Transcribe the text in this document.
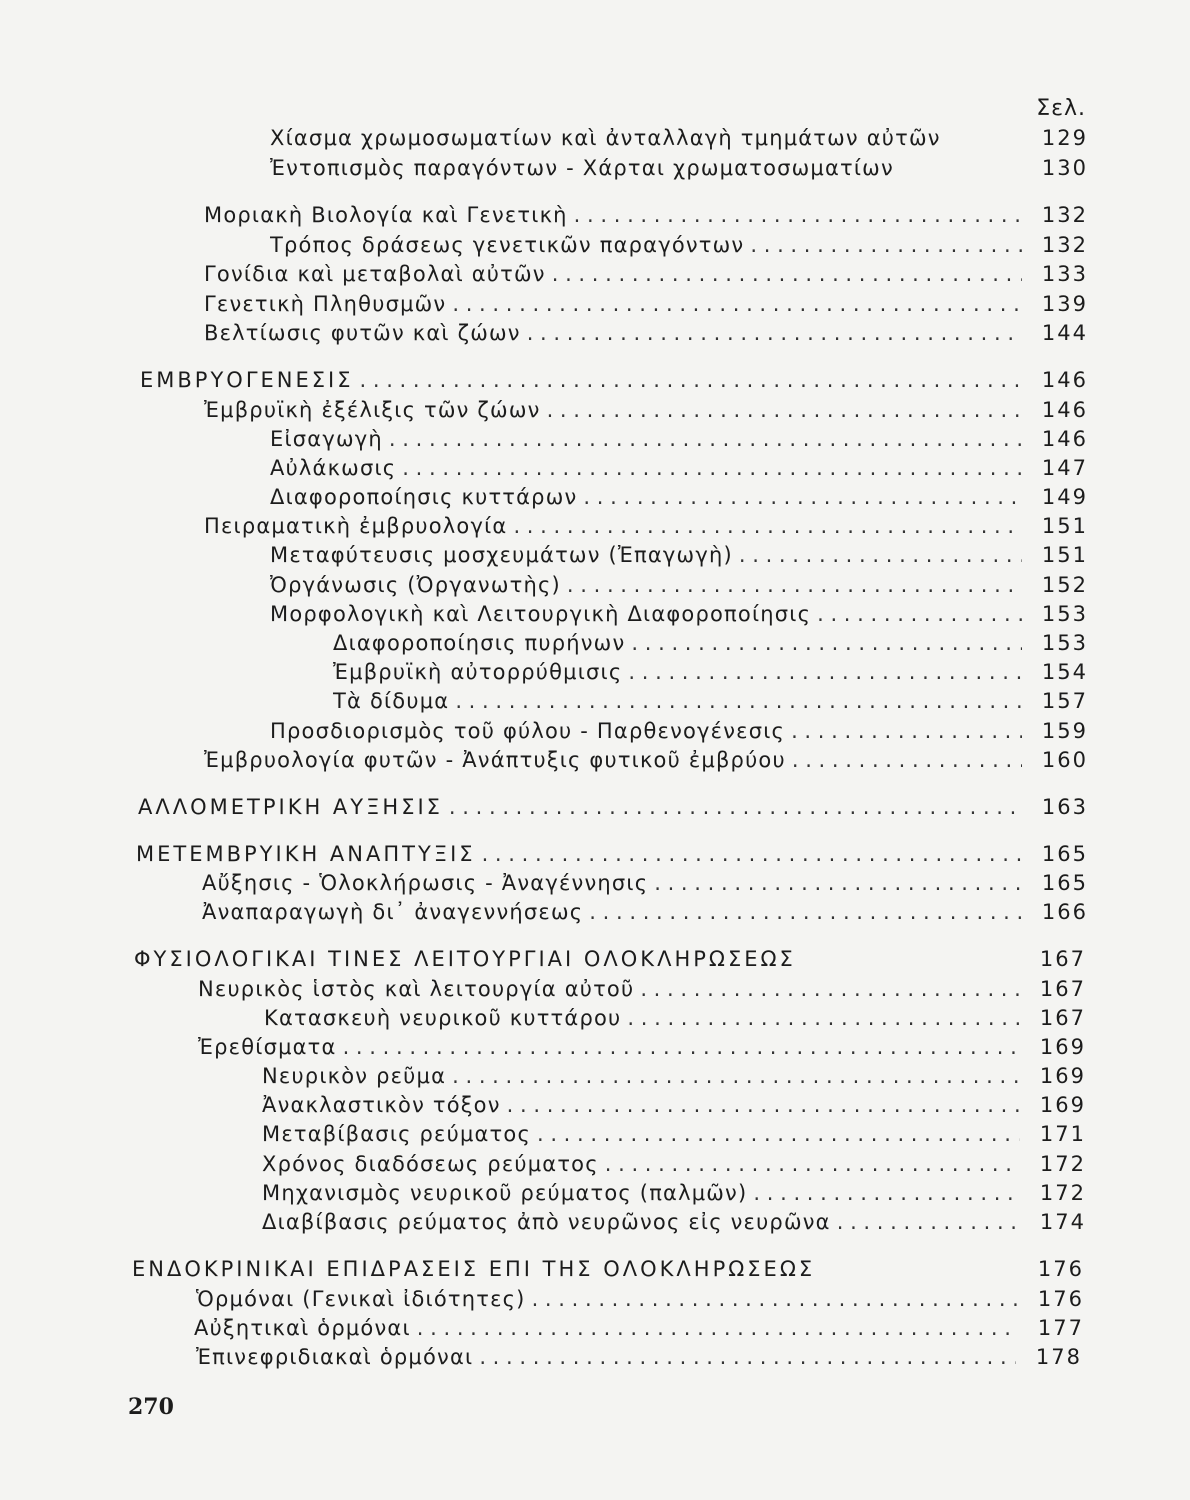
Σελ.
Χίασμα χρωμοσωματίων καὶ ἀνταλλαγὴ τμημάτων αὐτῶν	129
Ἐντοπισμὸς παραγόντων - Χάρται χρωματοσωματίων	130
Μοριακὴ Βιολογία καὶ Γενετικὴ . . .	132
Τρόπος δράσεως γενετικῶν παραγόντων . . .	132
Γονίδια καὶ μεταβολαὶ αὐτῶν . . .	133
Γενετικὴ Πληθυσμῶν . . .	139
Βελτίωσις φυτῶν καὶ ζώων . . .	144
ΕΜΒΡΥΟΓΕΝΕΣΙΣ . . .	146
Ἐμβρυϊκὴ ἐξέλιξις τῶν ζώων . . .	146
Εἰσαγωγὴ . . .	146
Αὐλάκωσις . . .	147
Διαφοροποίησις κυττάρων . . .	149
Πειραματικὴ ἐμβρυολογία . . .	151
Μεταφύτευσις μοσχευμάτων (Ἐπαγωγὴ) . . .	151
Ὀργάνωσις (Ὀργανωτὴς) . . .	152
Μορφολογικὴ καὶ Λειτουργικὴ Διαφοροποίησις . . .	153
Διαφοροποίησις πυρήνων . . .	153
Ἐμβρυϊκὴ αὐτορρύθμισις . . .	154
Τὰ δίδυμα . . .	157
Προσδιορισμὸς τοῦ φύλου - Παρθενογένεσις . . .	159
Ἐμβρυολογία φυτῶν - Ἀνάπτυξις φυτικοῦ ἐμβρύου . . .	160
ΑΛΛΟΜΕΤΡΙΚΗ ΑΥΞΗΣΙΣ . . .	163
ΜΕΤΕΜΒΡΥΙΚΗ ΑΝΑΠΤΥΞΙΣ . . .	165
Αὔξησις - Ὁλοκλήρωσις - Ἀναγέννησις . . .	165
Ἀναπαραγωγὴ δι᾽ ἀναγεννήσεως . . .	166
ΦΥΣΙΟΛΟΓΙΚΑΙ ΤΙΝΕΣ ΛΕΙΤΟΥΡΓΙΑΙ ΟΛΟΚΛΗΡΩΣΕΩΣ	167
Νευρικὸς ἱστὸς καὶ λειτουργία αὐτοῦ . . .	167
Κατασκευὴ νευρικοῦ κυττάρου . . .	167
Ἐρεθίσματα . . .	169
Νευρικὸν ρεῦμα . . .	169
Ἀνακλαστικὸν τόξον . . .	169
Μεταβίβασις ρεύματος . . .	171
Χρόνος διαδόσεως ρεύματος . . .	172
Μηχανισμὸς νευρικοῦ ρεύματος (παλμῶν) . . .	172
Διαβίβασις ρεύματος ἀπὸ νευρῶνος εἰς νευρῶνα . . .	174
ΕΝΔΟΚΡΙΝΙΚΑΙ ΕΠΙΔΡΑΣΕΙΣ ΕΠΙ ΤΗΣ ΟΛΟΚΛΗΡΩΣΕΩΣ	176
Ὁρμόναι (Γενικαὶ ἰδιότητες) . . .	176
Αὐξητικαὶ ὁρμόναι . . .	177
Ἐπινεφριδιακαὶ ὁρμόναι . . .	178
270
